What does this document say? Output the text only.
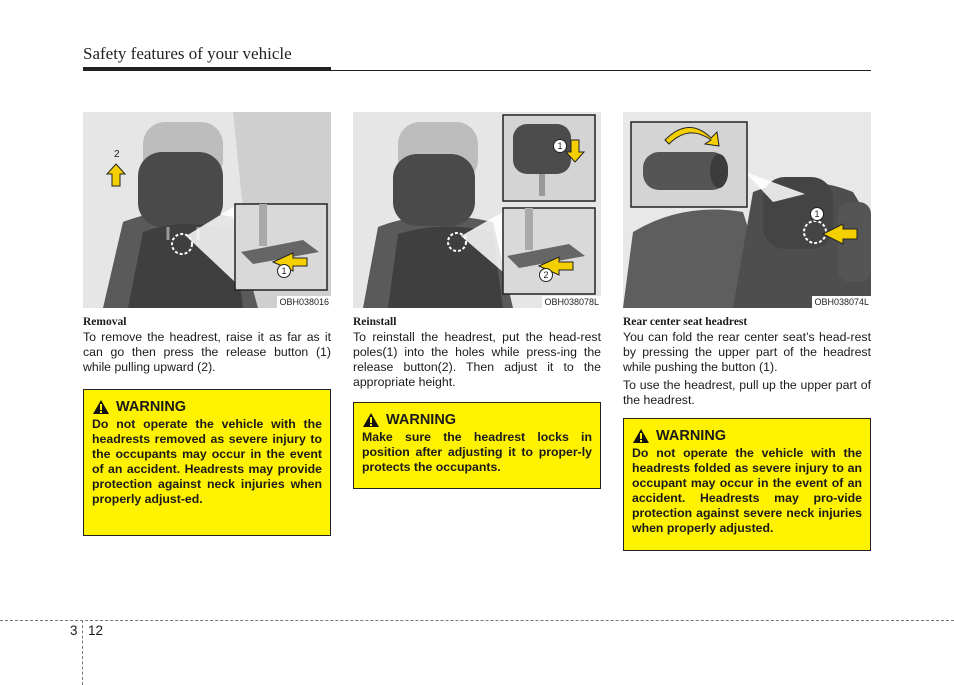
Safety features of your vehicle
2
1
OBH038016
Removal

To remove the headrest, raise it as far as it can go then press the release button (1) while pulling upward (2).

WARNING
Do not operate the vehicle with the headrests removed as severe injury to the occupants may occur in the event of an accident. Headrests may provide protection against neck injuries when properly adjust-ed.
1
2
OBH038078L
Reinstall

To reinstall the headrest, put the head-rest poles(1) into the holes while press-ing the release button(2). Then adjust it to the appropriate height.

WARNING
Make sure the headrest locks in position after adjusting it to proper-ly protects the occupants.
1
OBH038074L
Rear center seat headrest

You can fold the rear center seat’s head-rest by pressing the upper part of the headrest while pushing the button (1).

To use the headrest, pull up the upper part of the headrest.

WARNING
Do not operate the vehicle with the headrests folded as severe injury to an occupant may occur in the event of an accident. Headrests may pro-vide protection against severe neck injuries when properly adjusted.
3 12
